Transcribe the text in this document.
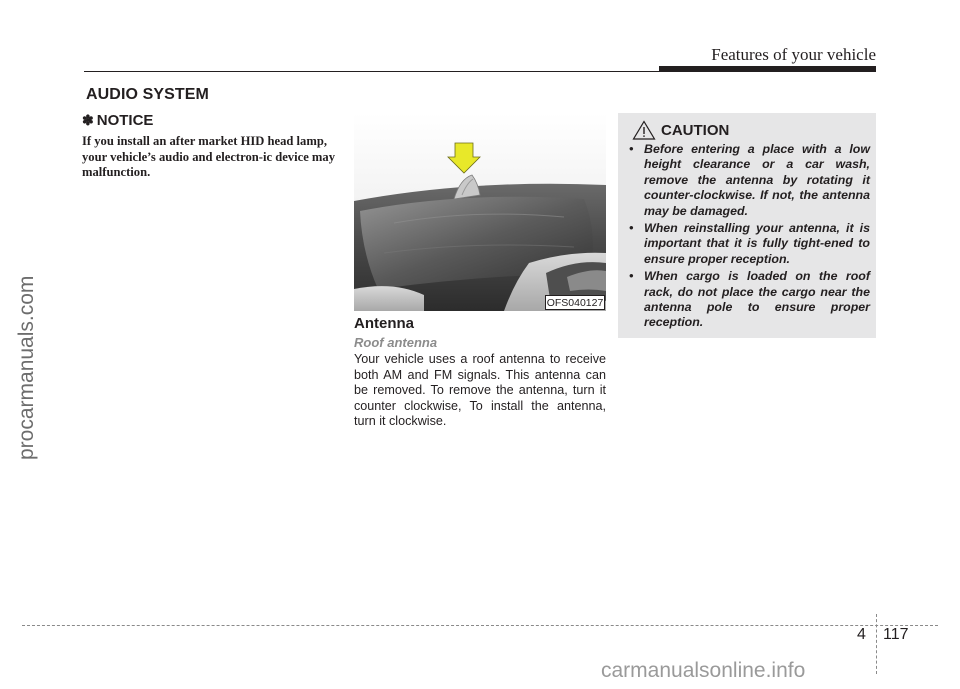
Features of your vehicle
AUDIO SYSTEM
✽ NOTICE
If you install an after market HID head lamp, your vehicle’s audio and electron-ic device may malfunction.
OFS040127
Antenna
Roof antenna
Your vehicle uses a roof antenna to receive both AM and FM signals. This antenna can be removed. To remove the antenna, turn it counter clockwise, To install the antenna, turn it clockwise.
CAUTION
• Before entering a place with a low height clearance or a car wash, remove the antenna by rotating it counter-clockwise. If not, the antenna may be damaged.
• When reinstalling your antenna, it is important that it is fully tight-ened to ensure proper reception.
• When cargo is loaded on the roof rack, do not place the cargo near the antenna pole to ensure proper reception.
procarmanuals.com
4 117
carmanualsonline.info
